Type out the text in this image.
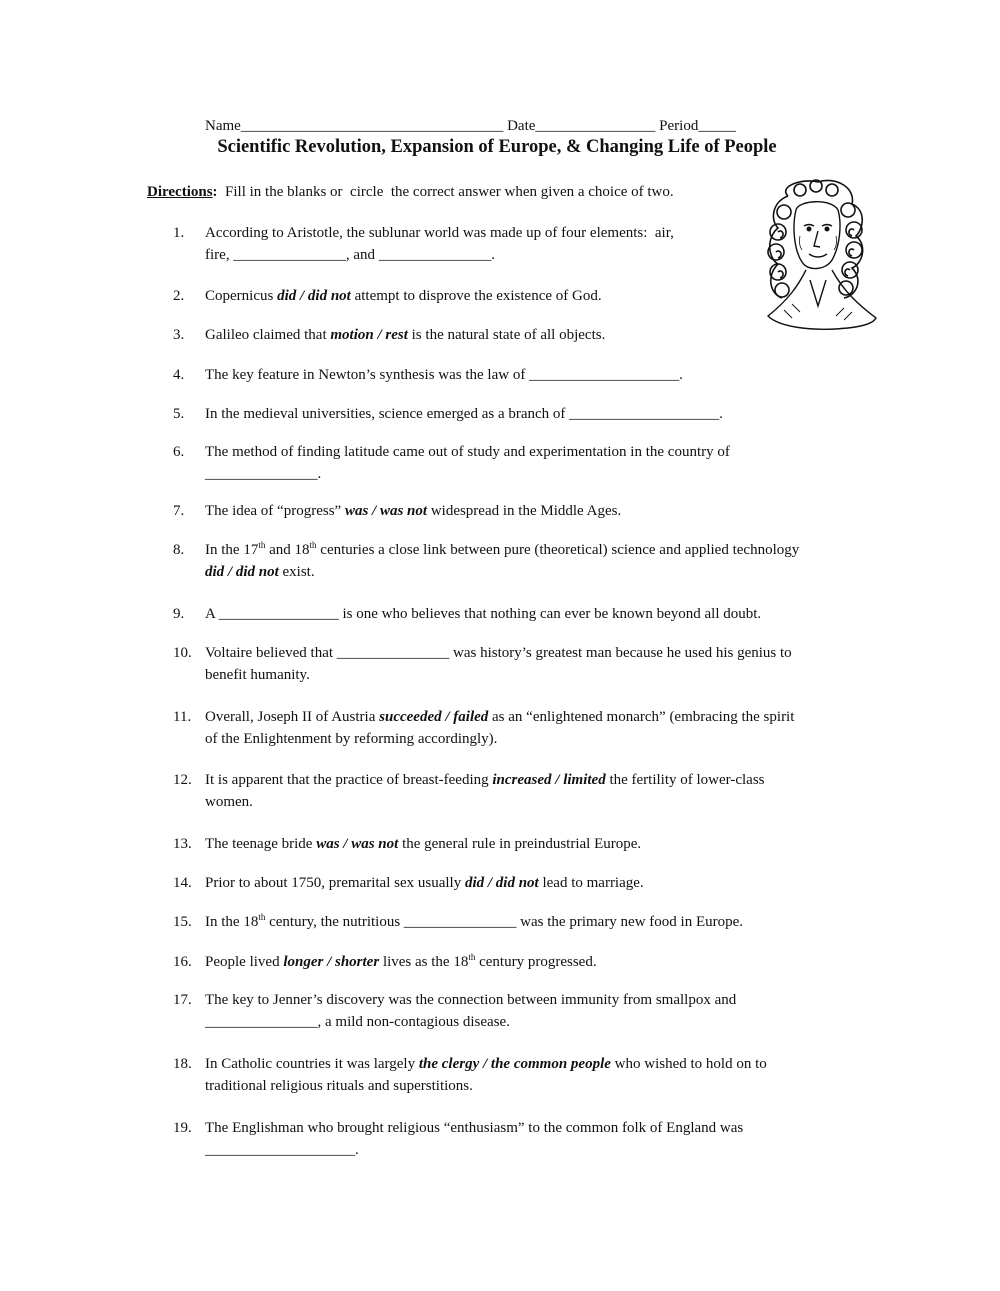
Name___________________________________ Date________________ Period_____
Scientific Revolution, Expansion of Europe, & Changing Life of People
Directions:  Fill in the blanks or  circle  the correct answer when given a choice of two.
1.	According to Aristotle, the sublunar world was made up of four elements:  air,
fire, _______________, and _______________.
2.	Copernicus did / did not attempt to disprove the existence of God.
3.	Galileo claimed that motion / rest is the natural state of all objects.
4.	The key feature in Newton’s synthesis was the law of ____________________.
5.	In the medieval universities, science emerged as a branch of ____________________.
6.	The method of finding latitude came out of study and experimentation in the country of
_______________.
7.	The idea of “progress” was / was not widespread in the Middle Ages.
8.	In the 17th and 18th centuries a close link between pure (theoretical) science and applied technology
did / did not exist.
9.	A ________________ is one who believes that nothing can ever be known beyond all doubt.
10. Voltaire believed that _______________ was history’s greatest man because he used his genius to
benefit humanity.
11. Overall, Joseph II of Austria succeeded / failed as an “enlightened monarch” (embracing the spirit
of the Enlightenment by reforming accordingly).
12. It is apparent that the practice of breast-feeding increased / limited the fertility of lower-class
women.
13. The teenage bride was / was not the general rule in preindustrial Europe.
14. Prior to about 1750, premarital sex usually did / did not lead to marriage.
15. In the 18th century, the nutritious _______________ was the primary new food in Europe.
16. People lived longer / shorter lives as the 18th century progressed.
17. The key to Jenner’s discovery was the connection between immunity from smallpox and
_______________, a mild non-contagious disease.
18. In Catholic countries it was largely the clergy / the common people who wished to hold on to
traditional religious rituals and superstitions.
19. The Englishman who brought religious “enthusiasm” to the common folk of England was
____________________.
